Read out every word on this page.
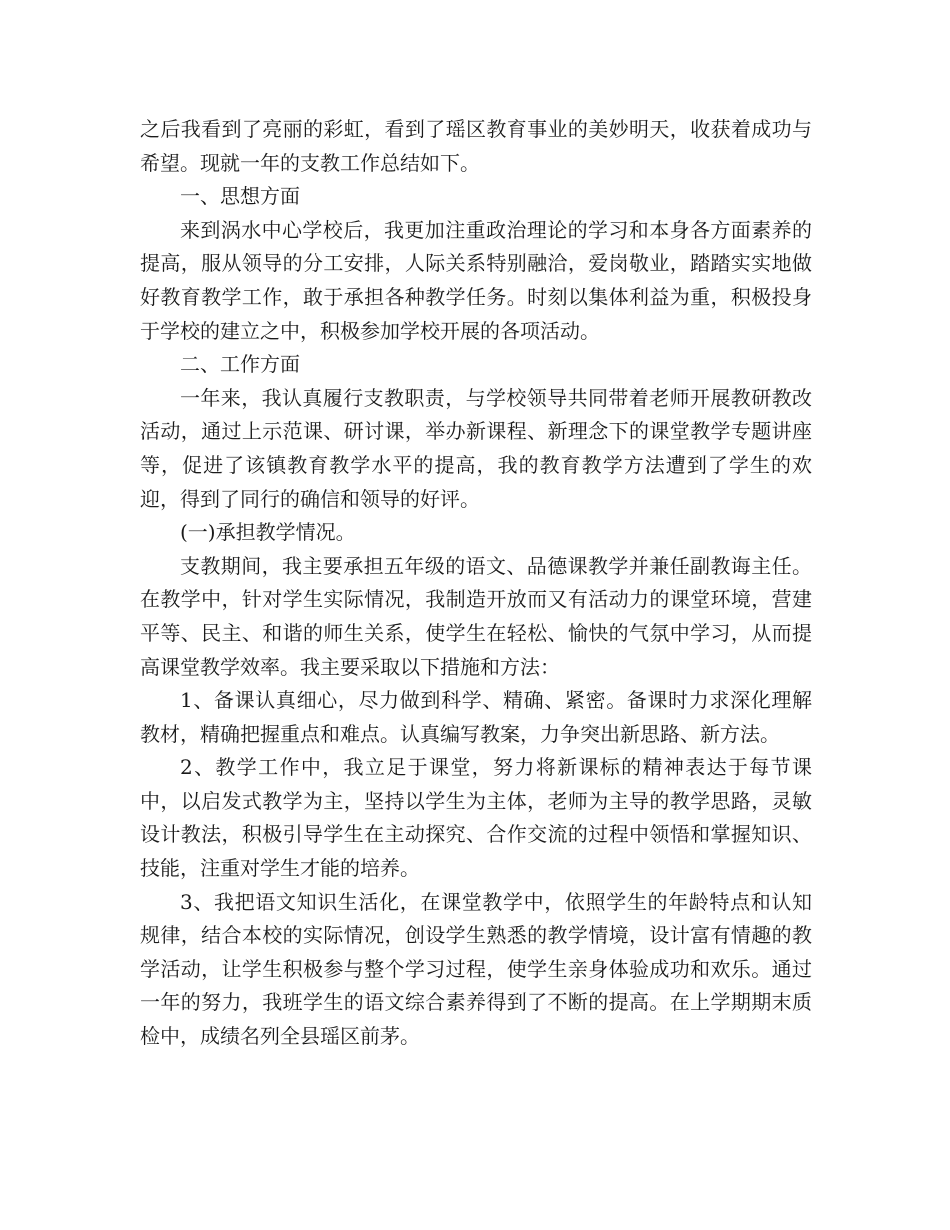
之后我看到了亮丽的彩虹，看到了瑶区教育事业的美妙明天，收获着成功与希望。现就一年的支教工作总结如下。

一、思想方面

来到涡水中心学校后，我更加注重政治理论的学习和本身各方面素养的提高，服从领导的分工安排，人际关系特别融洽，爱岗敬业，踏踏实实地做好教育教学工作，敢于承担各种教学任务。时刻以集体利益为重，积极投身于学校的建立之中，积极参加学校开展的各项活动。

二、工作方面

一年来，我认真履行支教职责，与学校领导共同带着老师开展教研教改活动，通过上示范课、研讨课，举办新课程、新理念下的课堂教学专题讲座等，促进了该镇教育教学水平的提高，我的教育教学方法遭到了学生的欢迎，得到了同行的确信和领导的好评。

(一)承担教学情况。

支教期间，我主要承担五年级的语文、品德课教学并兼任副教诲主任。在教学中，针对学生实际情况，我制造开放而又有活动力的课堂环境，营建平等、民主、和谐的师生关系，使学生在轻松、愉快的气氛中学习，从而提高课堂教学效率。我主要采取以下措施和方法：

1、备课认真细心，尽力做到科学、精确、紧密。备课时力求深化理解教材，精确把握重点和难点。认真编写教案，力争突出新思路、新方法。

2、教学工作中，我立足于课堂，努力将新课标的精神表达于每节课中，以启发式教学为主，坚持以学生为主体，老师为主导的教学思路，灵敏设计教法，积极引导学生在主动探究、合作交流的过程中领悟和掌握知识、技能，注重对学生才能的培养。

3、我把语文知识生活化，在课堂教学中，依照学生的年龄特点和认知规律，结合本校的实际情况，创设学生熟悉的教学情境，设计富有情趣的教学活动，让学生积极参与整个学习过程，使学生亲身体验成功和欢乐。通过一年的努力，我班学生的语文综合素养得到了不断的提高。在上学期期末质检中，成绩名列全县瑶区前茅。
